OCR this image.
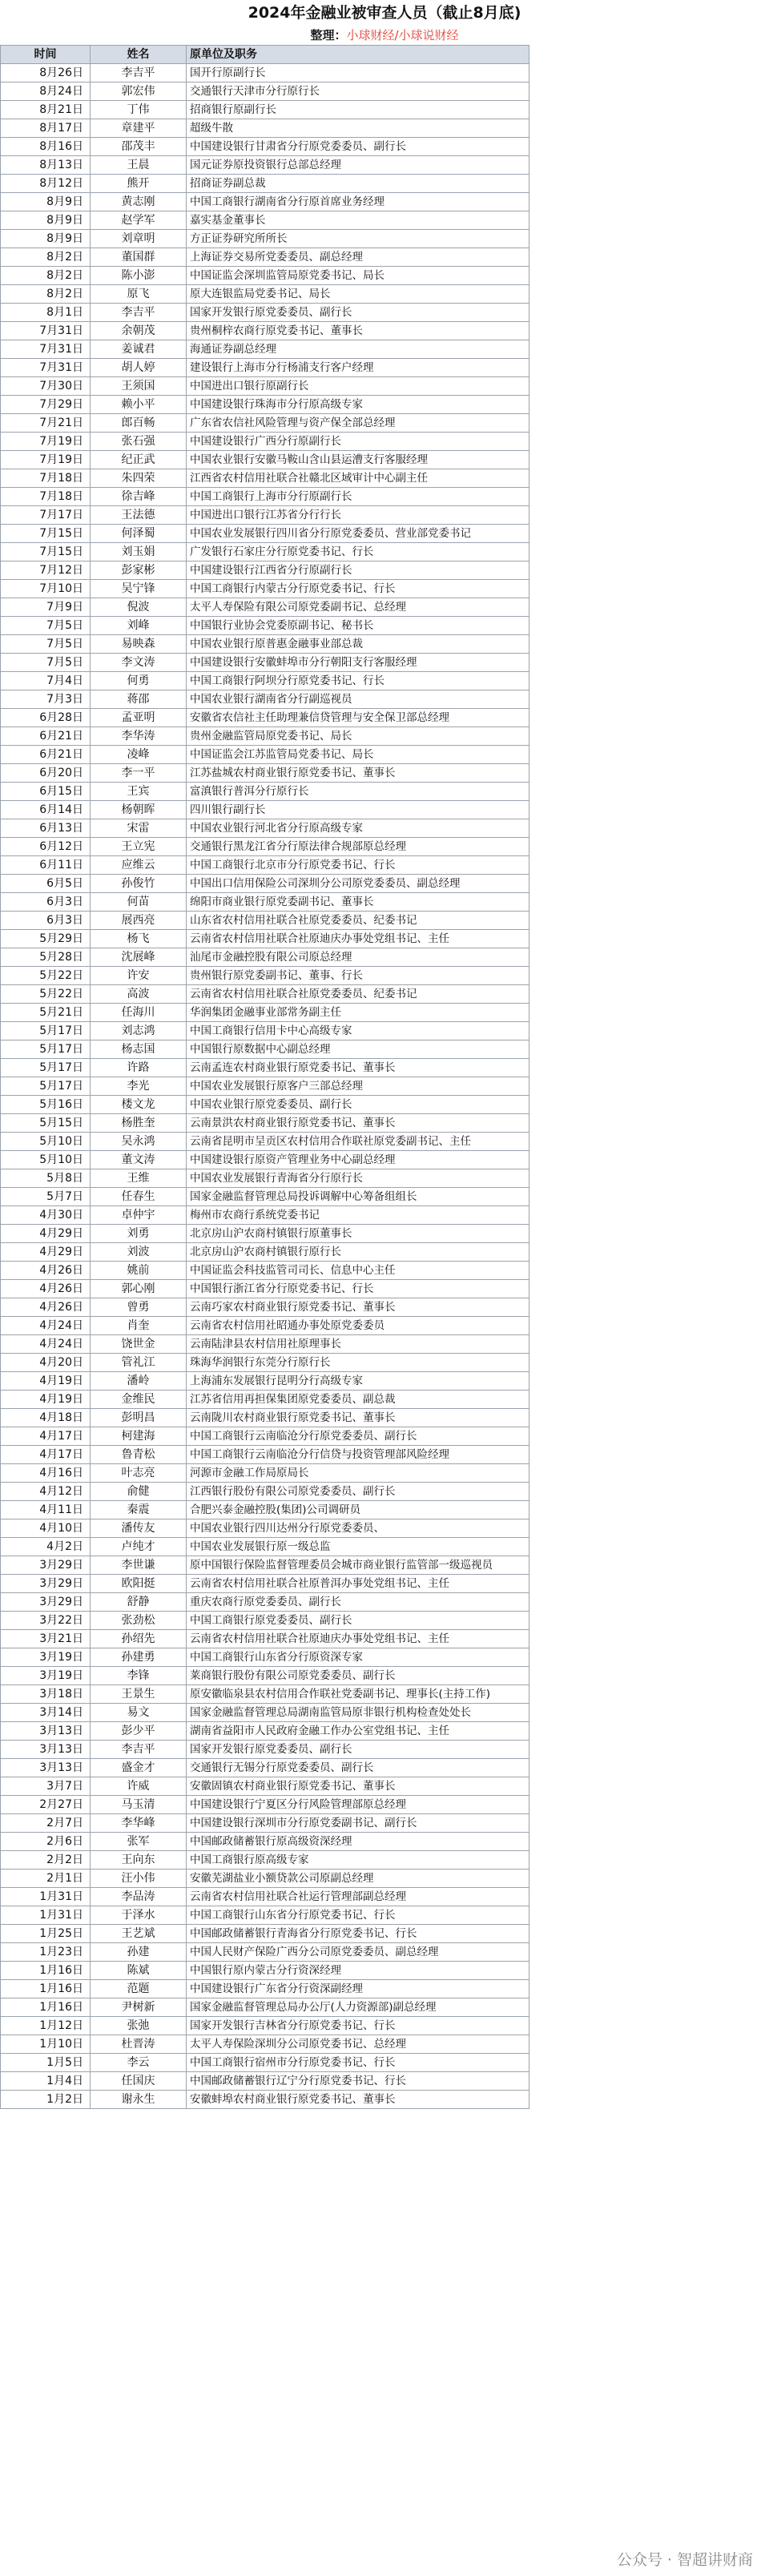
2024年金融业被审查人员（截止8月底)
整理：小球财经/小球说财经
时间	姓名	原单位及职务
8月26日	李吉平	国开行原副行长
8月24日	郭宏伟	交通银行天津市分行原行长
8月21日	丁伟	招商银行原副行长
8月17日	章建平	超级牛散
8月16日	邵茂丰	中国建设银行甘肃省分行原党委委员、副行长
8月13日	王晨	国元证券原投资银行总部总经理
8月12日	熊开	招商证券副总裁
8月9日	黄志刚	中国工商银行湖南省分行原首席业务经理
8月9日	赵学军	嘉实基金董事长
8月9日	刘章明	方正证券研究所所长
8月2日	董国群	上海证券交易所党委委员、副总经理
8月2日	陈小澎	中国证监会深圳监管局原党委书记、局长
8月2日	原飞	原大连银监局党委书记、局长
8月1日	李吉平	国家开发银行原党委委员、副行长
7月31日	余朝茂	贵州桐梓农商行原党委书记、董事长
7月31日	姜诚君	海通证券副总经理
7月31日	胡人婷	建设银行上海市分行杨浦支行客户经理
7月30日	王须国	中国进出口银行原副行长
7月29日	赖小平	中国建设银行珠海市分行原高级专家
7月21日	郎百畅	广东省农信社风险管理与资产保全部总经理
7月19日	张石强	中国建设银行广西分行原副行长
7月19日	纪正武	中国农业银行安徽马鞍山含山县运漕支行客服经理
7月18日	朱四荣	江西省农村信用社联合社赣北区域审计中心副主任
7月18日	徐吉峰	中国工商银行上海市分行原副行长
7月17日	王法德	中国进出口银行江苏省分行行长
7月15日	何泽蜀	中国农业发展银行四川省分行原党委委员、营业部党委书记
7月15日	刘玉娟	广发银行石家庄分行原党委书记、行长
7月12日	彭家彬	中国建设银行江西省分行原副行长
7月10日	吴宁锋	中国工商银行内蒙古分行原党委书记、行长
7月9日	倪波	太平人寿保险有限公司原党委副书记、总经理
7月5日	刘峰	中国银行业协会党委原副书记、秘书长
7月5日	易映森	中国农业银行原普惠金融事业部总裁
7月5日	李文涛	中国建设银行安徽蚌埠市分行朝阳支行客服经理
7月4日	何勇	中国工商银行阿坝分行原党委书记、行长
7月3日	蒋邵	中国农业银行湖南省分行副巡视员
6月28日	孟亚明	安徽省农信社主任助理兼信贷管理与安全保卫部总经理
6月21日	李华涛	贵州金融监管局原党委书记、局长
6月21日	凌峰	中国证监会江苏监管局党委书记、局长
6月20日	李一平	江苏盐城农村商业银行原党委书记、董事长
6月15日	王宾	富滇银行普洱分行原行长
6月14日	杨朝晖	四川银行副行长
6月13日	宋雷	中国农业银行河北省分行原高级专家
6月12日	王立宪	交通银行黑龙江省分行原法律合规部原总经理
6月11日	应维云	中国工商银行北京市分行原党委书记、行长
6月5日	孙俊竹	中国出口信用保险公司深圳分公司原党委委员、副总经理
6月3日	何苗	绵阳市商业银行原党委副书记、董事长
6月3日	展西亮	山东省农村信用社联合社原党委委员、纪委书记
5月29日	杨飞	云南省农村信用社联合社原迪庆办事处党组书记、主任
5月28日	沈展峰	汕尾市金融控股有限公司原总经理
5月22日	许安	贵州银行原党委副书记、董事、行长
5月22日	高波	云南省农村信用社联合社原党委委员、纪委书记
5月21日	任海川	华润集团金融事业部常务副主任
5月17日	刘志鸿	中国工商银行信用卡中心高级专家
5月17日	杨志国	中国银行原数据中心副总经理
5月17日	许路	云南孟连农村商业银行原党委书记、董事长
5月17日	李光	中国农业发展银行原客户三部总经理
5月16日	楼文龙	中国农业银行原党委委员、副行长
5月15日	杨胜奎	云南景洪农村商业银行原党委书记、董事长
5月10日	吴永鸿	云南省昆明市呈贡区农村信用合作联社原党委副书记、主任
5月10日	董文涛	中国建设银行原资产管理业务中心副总经理
5月8日	王维	中国农业发展银行青海省分行原行长
5月7日	任春生	国家金融监督管理总局投诉调解中心筹备组组长
4月30日	卓仲宇	梅州市农商行系统党委书记
4月29日	刘勇	北京房山沪农商村镇银行原董事长
4月29日	刘波	北京房山沪农商村镇银行原行长
4月26日	姚前	中国证监会科技监管司司长、信息中心主任
4月26日	郭心刚	中国银行浙江省分行原党委书记、行长
4月26日	曾勇	云南巧家农村商业银行原党委书记、董事长
4月24日	肖奎	云南省农村信用社昭通办事处原党委委员
4月24日	饶世金	云南陆津县农村信用社原理事长
4月20日	管礼江	珠海华润银行东莞分行原行长
4月19日	潘岭	上海浦东发展银行昆明分行高级专家
4月19日	金维民	江苏省信用再担保集团原党委委员、副总裁
4月18日	彭明昌	云南陇川农村商业银行原党委书记、董事长
4月17日	柯建海	中国工商银行云南临沧分行原党委委员、副行长
4月17日	鲁青松	中国工商银行云南临沧分行信贷与投资管理部风险经理
4月16日	叶志亮	河源市金融工作局原局长
4月12日	俞健	江西银行股份有限公司原党委委员、副行长
4月11日	秦震	合肥兴泰金融控股(集团)公司调研员
4月10日	潘传友	中国农业银行四川达州分行原党委委员、
4月2日	卢纯才	中国农业发展银行原一级总监
3月29日	李世谦	原中国银行保险监督管理委员会城市商业银行监管部一级巡视员
3月29日	欧阳挺	云南省农村信用社联合社原普洱办事处党组书记、主任
3月29日	舒静	重庆农商行原党委委员、副行长
3月22日	张劲松	中国工商银行原党委委员、副行长
3月21日	孙绍先	云南省农村信用社联合社原迪庆办事处党组书记、主任
3月19日	孙建勇	中国工商银行山东省分行原资深专家
3月19日	李锋	莱商银行股份有限公司原党委委员、副行长
3月18日	王景生	原安徽临泉县农村信用合作联社党委副书记、理事长(主持工作)
3月14日	易文	国家金融监督管理总局湖南监管局原非银行机构检查处处长
3月13日	彭少平	湖南省益阳市人民政府金融工作办公室党组书记、主任
3月13日	李吉平	国家开发银行原党委委员、副行长
3月13日	盛金才	交通银行无锡分行原党委委员、副行长
3月7日	许威	安徽固镇农村商业银行原党委书记、董事长
2月27日	马玉清	中国建设银行宁夏区分行风险管理部原总经理
2月7日	李华峰	中国建设银行深圳市分行原党委副书记、副行长
2月6日	张军	中国邮政储蓄银行原高级资深经理
2月2日	王向东	中国工商银行原高级专家
2月1日	汪小伟	安徽芜湖盐业小额贷款公司原副总经理
1月31日	李品涛	云南省农村信用社联合社运行管理部副总经理
1月31日	于泽水	中国工商银行山东省分行原党委书记、行长
1月25日	王艺斌	中国邮政储蓄银行青海省分行原党委书记、行长
1月23日	孙建	中国人民财产保险广西分公司原党委委员、副总经理
1月16日	陈斌	中国银行原内蒙古分行资深经理
1月16日	范题	中国建设银行广东省分行资深副经理
1月16日	尹树新	国家金融监督管理总局办公厅(人力资源部)副总经理
1月12日	张弛	国家开发银行吉林省分行原党委书记、行长
1月10日	杜晋涛	太平人寿保险深圳分公司原党委书记、总经理
1月5日	李云	中国工商银行宿州市分行原党委书记、行长
1月4日	任国庆	中国邮政储蓄银行辽宁分行原党委书记、行长
1月2日	谢永生	安徽蚌埠农村商业银行原党委书记、董事长
公众号 · 智超讲财商
